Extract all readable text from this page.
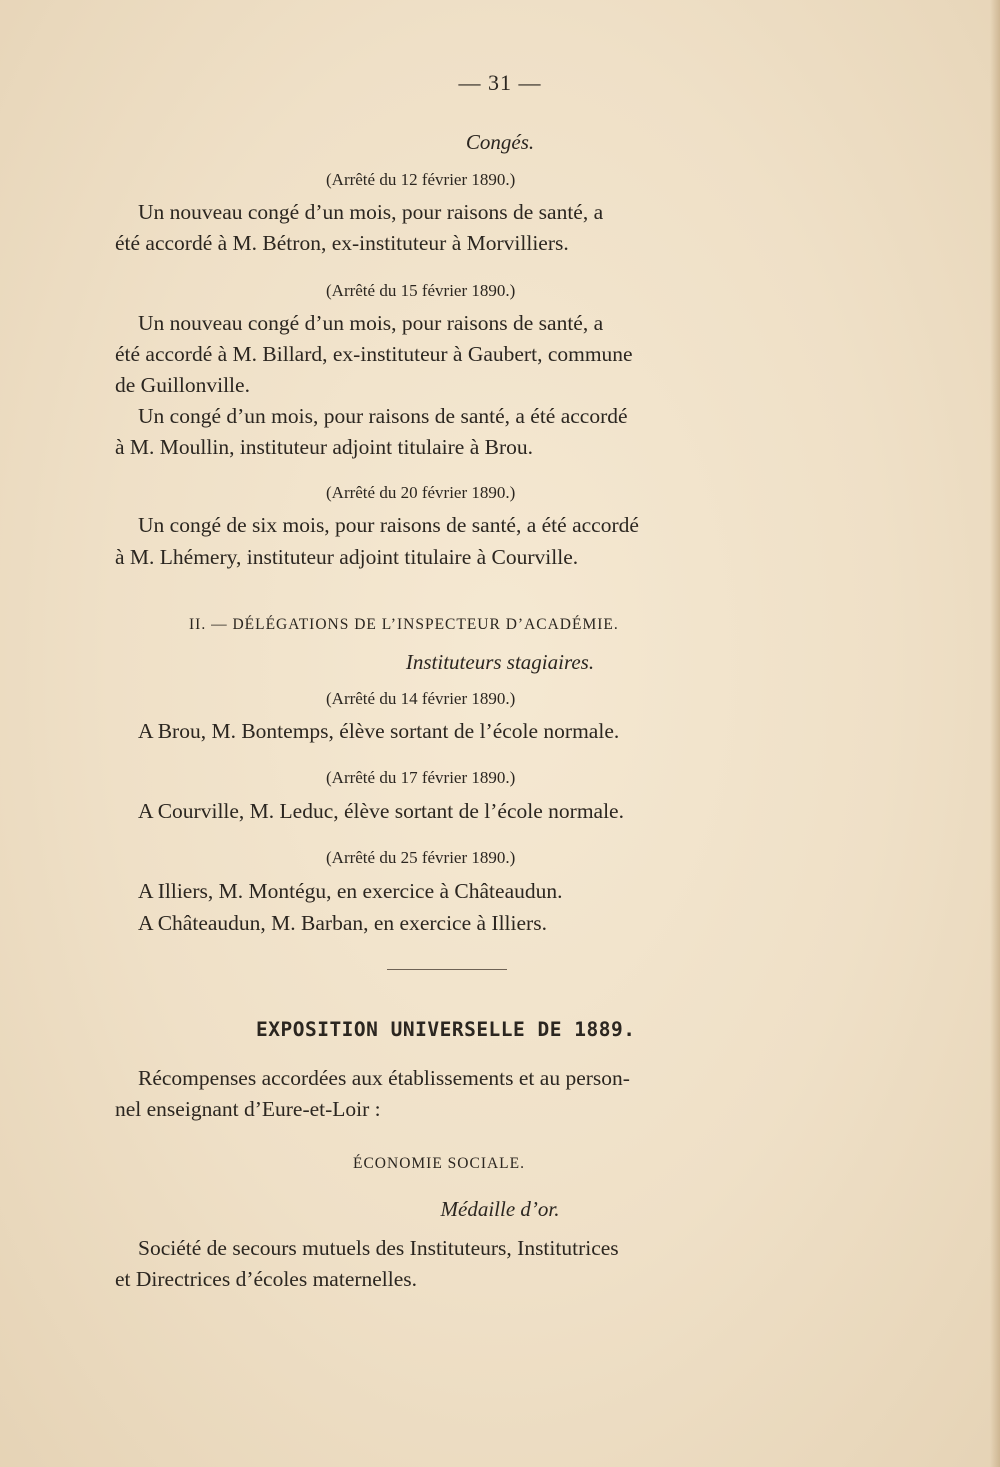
— 31 —
Congés.
(Arrêté du 12 février 1890.)
Un nouveau congé d’un mois, pour raisons de santé, a
été accordé à M. Bétron, ex-instituteur à Morvilliers.
(Arrêté du 15 février 1890.)
Un nouveau congé d’un mois, pour raisons de santé, a
été accordé à M. Billard, ex-instituteur à Gaubert, commune
de Guillonville.
Un congé d’un mois, pour raisons de santé, a été accordé
à M. Moullin, instituteur adjoint titulaire à Brou.
(Arrêté du 20 février 1890.)
Un congé de six mois, pour raisons de santé, a été accordé
à M. Lhémery, instituteur adjoint titulaire à Courville.
II. — DÉLÉGATIONS DE L’INSPECTEUR D’ACADÉMIE.
Instituteurs stagiaires.
(Arrêté du 14 février 1890.)
A Brou, M. Bontemps, élève sortant de l’école normale.
(Arrêté du 17 février 1890.)
A Courville, M. Leduc, élève sortant de l’école normale.
(Arrêté du 25 février 1890.)
A Illiers, M. Montégu, en exercice à Châteaudun.
A Châteaudun, M. Barban, en exercice à Illiers.
EXPOSITION UNIVERSELLE DE 1889.
Récompenses accordées aux établissements et au person-
nel enseignant d’Eure-et-Loir :
ÉCONOMIE SOCIALE.
Médaille d’or.
Société de secours mutuels des Instituteurs, Institutrices
et Directrices d’écoles maternelles.
